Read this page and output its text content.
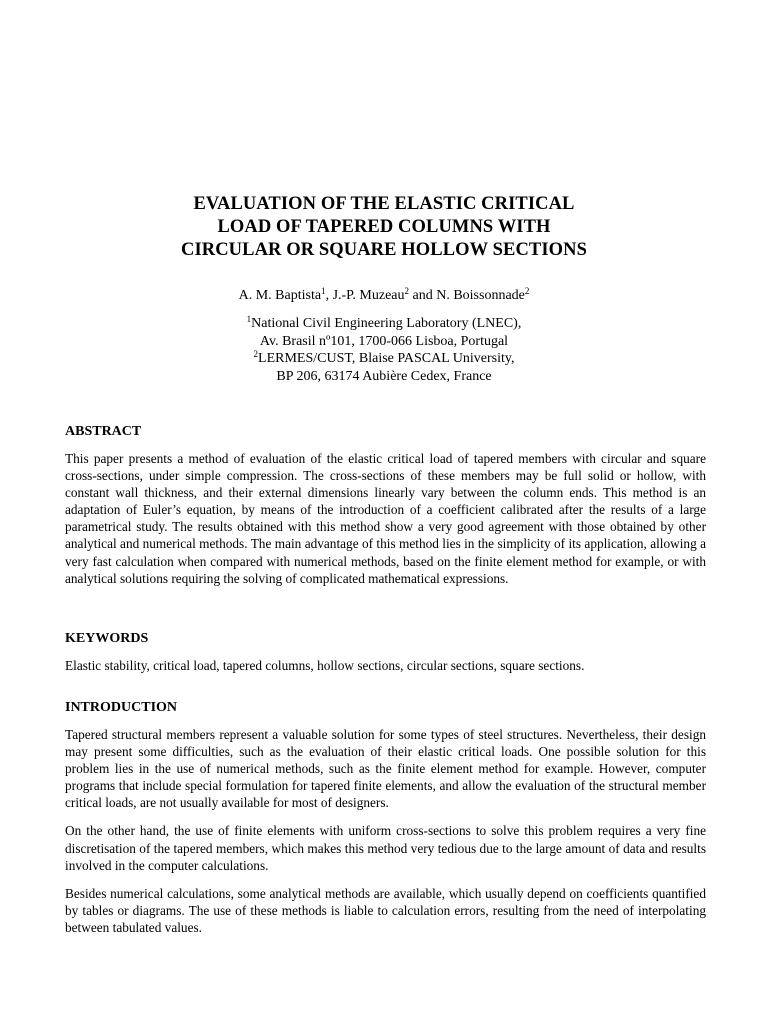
EVALUATION OF THE ELASTIC CRITICAL
LOAD OF TAPERED COLUMNS WITH
CIRCULAR OR SQUARE HOLLOW SECTIONS
A. M. Baptista$^1$, J.-P. Muzeau$^2$ and N. Boissonnade$^2$
$^1$National Civil Engineering Laboratory (LNEC),
Av. Brasil nº101, 1700-066 Lisboa, Portugal
$^2$LERMES/CUST, Blaise PASCAL University,
BP 206, 63174 Aubière Cedex, France
ABSTRACT

This paper presents a method of evaluation of the elastic critical load of tapered members with circular and square cross-sections, under simple compression. The cross-sections of these members may be full solid or hollow, with constant wall thickness, and their external dimensions linearly vary between the column ends. This method is an adaptation of Euler’s equation, by means of the introduction of a coefficient calibrated after the results of a large parametrical study. The results obtained with this method show a very good agreement with those obtained by other analytical and numerical methods. The main advantage of this method lies in the simplicity of its application, allowing a very fast calculation when compared with numerical methods, based on the finite element method for example, or with analytical solutions requiring the solving of complicated mathematical expressions.

KEYWORDS

Elastic stability, critical load, tapered columns, hollow sections, circular sections, square sections.

INTRODUCTION

Tapered structural members represent a valuable solution for some types of steel structures. Nevertheless, their design may present some difficulties, such as the evaluation of their elastic critical loads. One possible solution for this problem lies in the use of numerical methods, such as the finite element method for example. However, computer programs that include special formulation for tapered finite elements, and allow the evaluation of the structural member critical loads, are not usually available for most of designers.

On the other hand, the use of finite elements with uniform cross-sections to solve this problem requires a very fine discretisation of the tapered members, which makes this method very tedious due to the large amount of data and results involved in the computer calculations.

Besides numerical calculations, some analytical methods are available, which usually depend on coefficients quantified by tables or diagrams. The use of these methods is liable to calculation errors, resulting from the need of interpolating between tabulated values.
